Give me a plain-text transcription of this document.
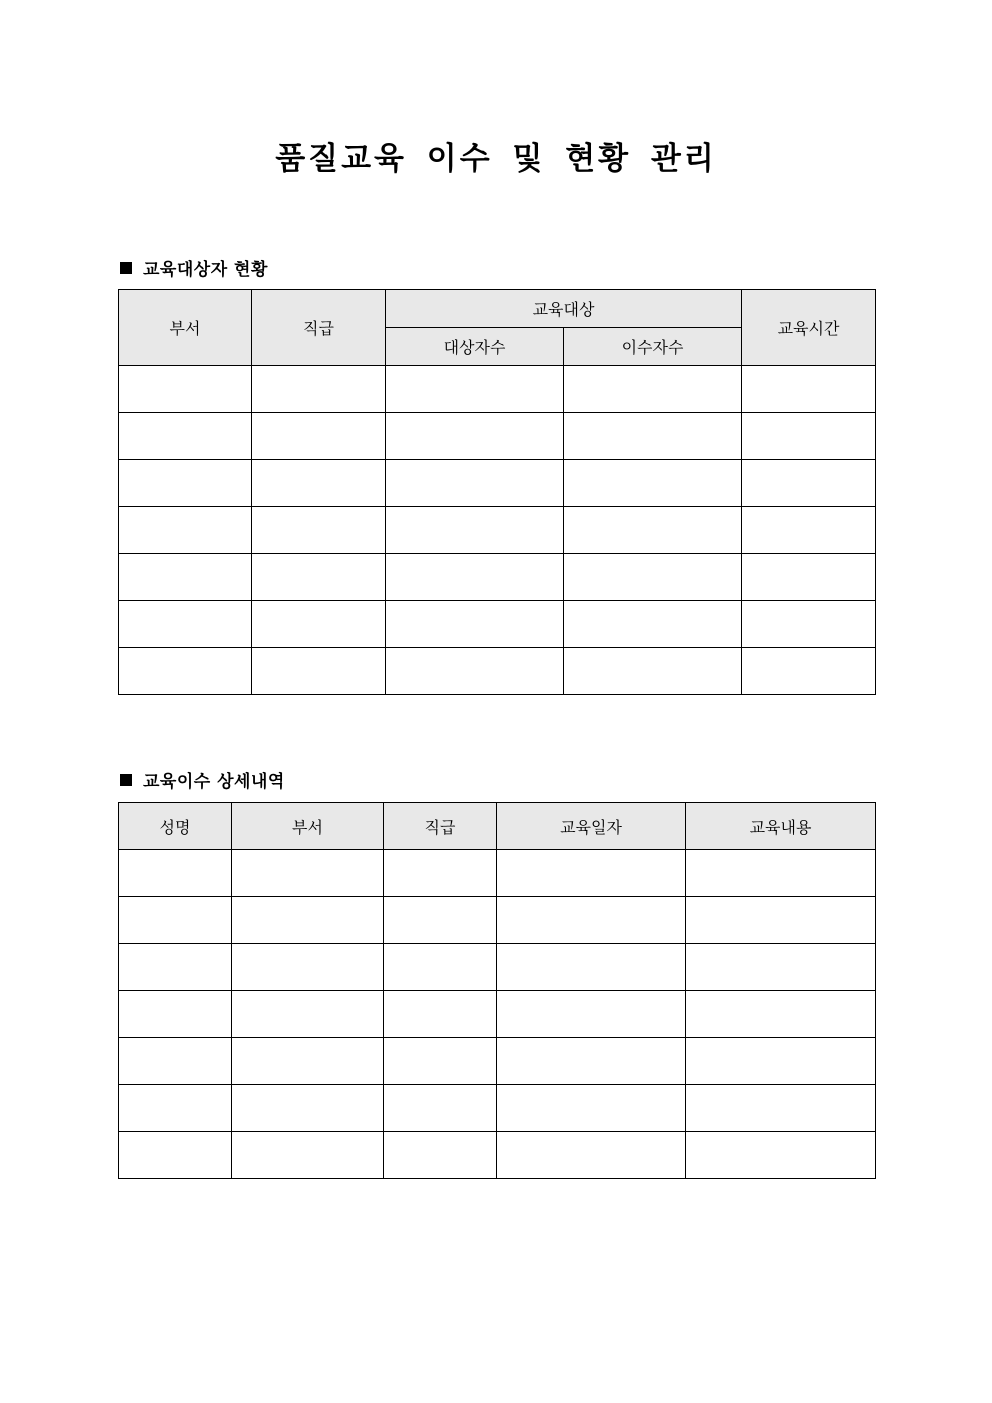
품질교육 이수 및 현황 관리
교육대상자 현황
부서	직급	교육대상		교육시간
		대상자수	이수자수	

교육이수 상세내역
성명	부서	직급	교육일자	교육내용
